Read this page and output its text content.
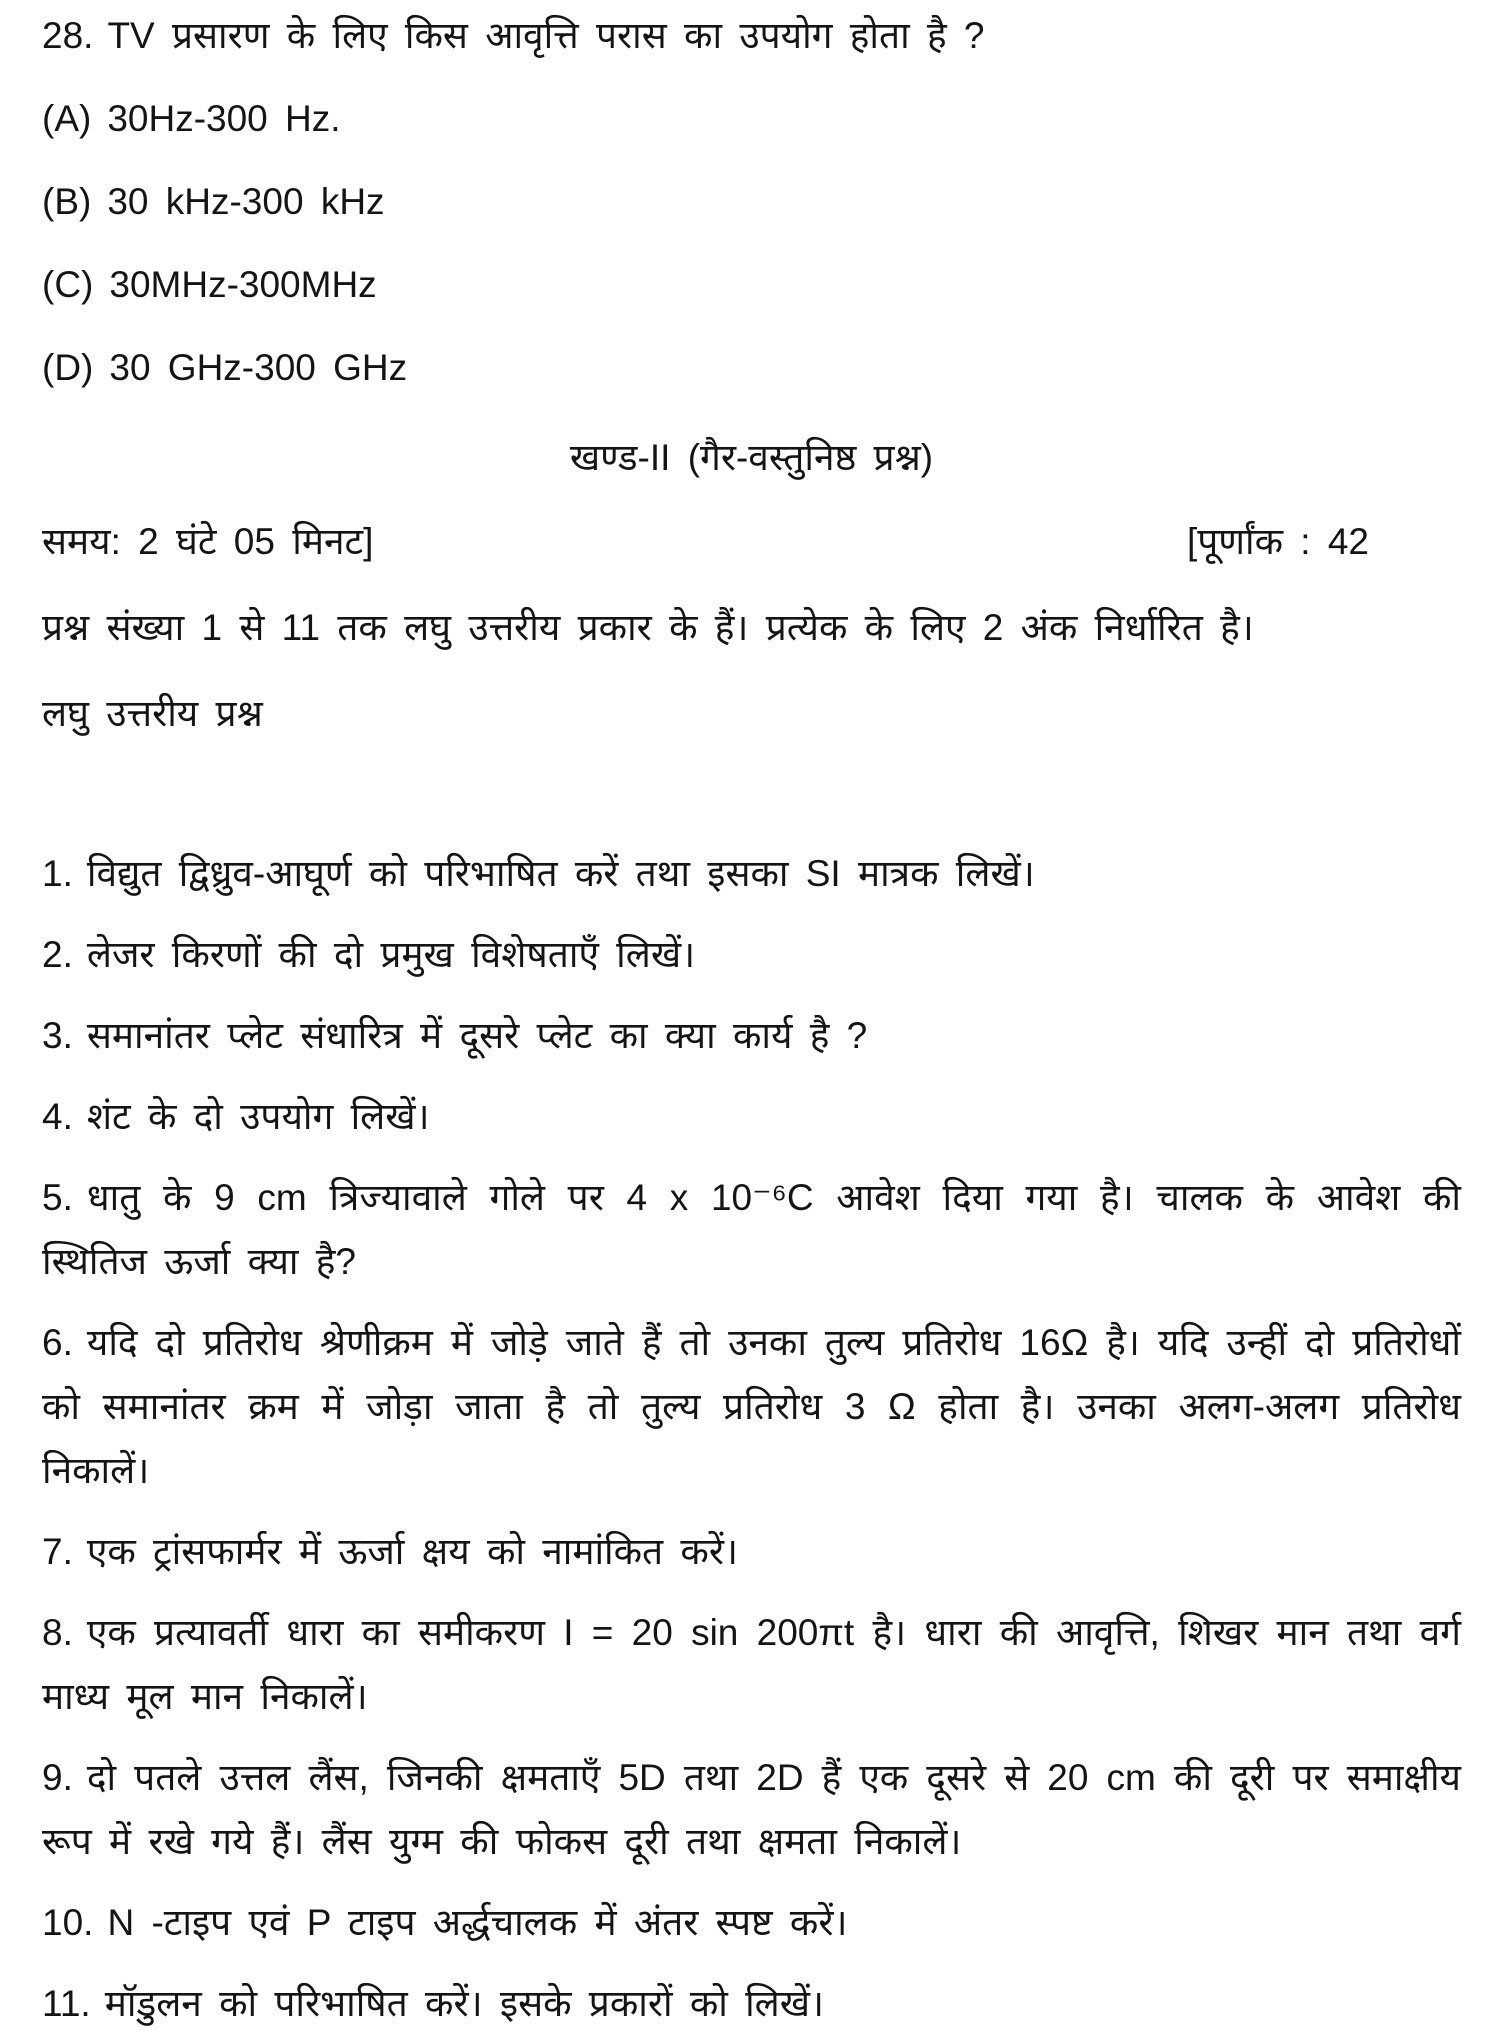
28. TV प्रसारण के लिए किस आवृत्ति परास का उपयोग होता है ?

(A) 30Hz-300 Hz.

(B) 30 kHz-300 kHz

(C) 30MHz-300MHz

(D) 30 GHz-300 GHz

खण्ड-II (गैर-वस्तुनिष्ठ प्रश्न)
समय: 2 घंटे 05 मिनट]	[पूर्णांक : 42

प्रश्न संख्या 1 से 11 तक लघु उत्तरीय प्रकार के हैं। प्रत्येक के लिए 2 अंक निर्धारित है।

लघु उत्तरीय प्रश्न

1. विद्युत द्विध्रुव-आघूर्ण को परिभाषित करें तथा इसका SI मात्रक लिखें।

2. लेजर किरणों की दो प्रमुख विशेषताएँ लिखें।

3. समानांतर प्लेट संधारित्र में दूसरे प्लेट का क्या कार्य है ?

4. शंट के दो उपयोग लिखें।

5. धातु के 9 cm त्रिज्यावाले गोले पर 4 x 10⁻⁶C आवेश दिया गया है। चालक के आवेश की स्थितिज ऊर्जा क्या है?

6. यदि दो प्रतिरोध श्रेणीक्रम में जोड़े जाते हैं तो उनका तुल्य प्रतिरोध 16Ω है। यदि उन्हीं दो प्रतिरोधों को समानांतर क्रम में जोड़ा जाता है तो तुल्य प्रतिरोध 3 Ω होता है। उनका अलग-अलग प्रतिरोध निकालें।

7. एक ट्रांसफार्मर में ऊर्जा क्षय को नामांकित करें।

8. एक प्रत्यावर्ती धारा का समीकरण I = 20 sin 200πt है। धारा की आवृत्ति, शिखर मान तथा वर्ग माध्य मूल मान निकालें।

9. दो पतले उत्तल लैंस, जिनकी क्षमताएँ 5D तथा 2D हैं एक दूसरे से 20 cm की दूरी पर समाक्षीय रूप में रखे गये हैं। लैंस युग्म की फोकस दूरी तथा क्षमता निकालें।

10. N -टाइप एवं P टाइप अर्द्धचालक में अंतर स्पष्ट करें।

11. मॉडुलन को परिभाषित करें। इसके प्रकारों को लिखें।
